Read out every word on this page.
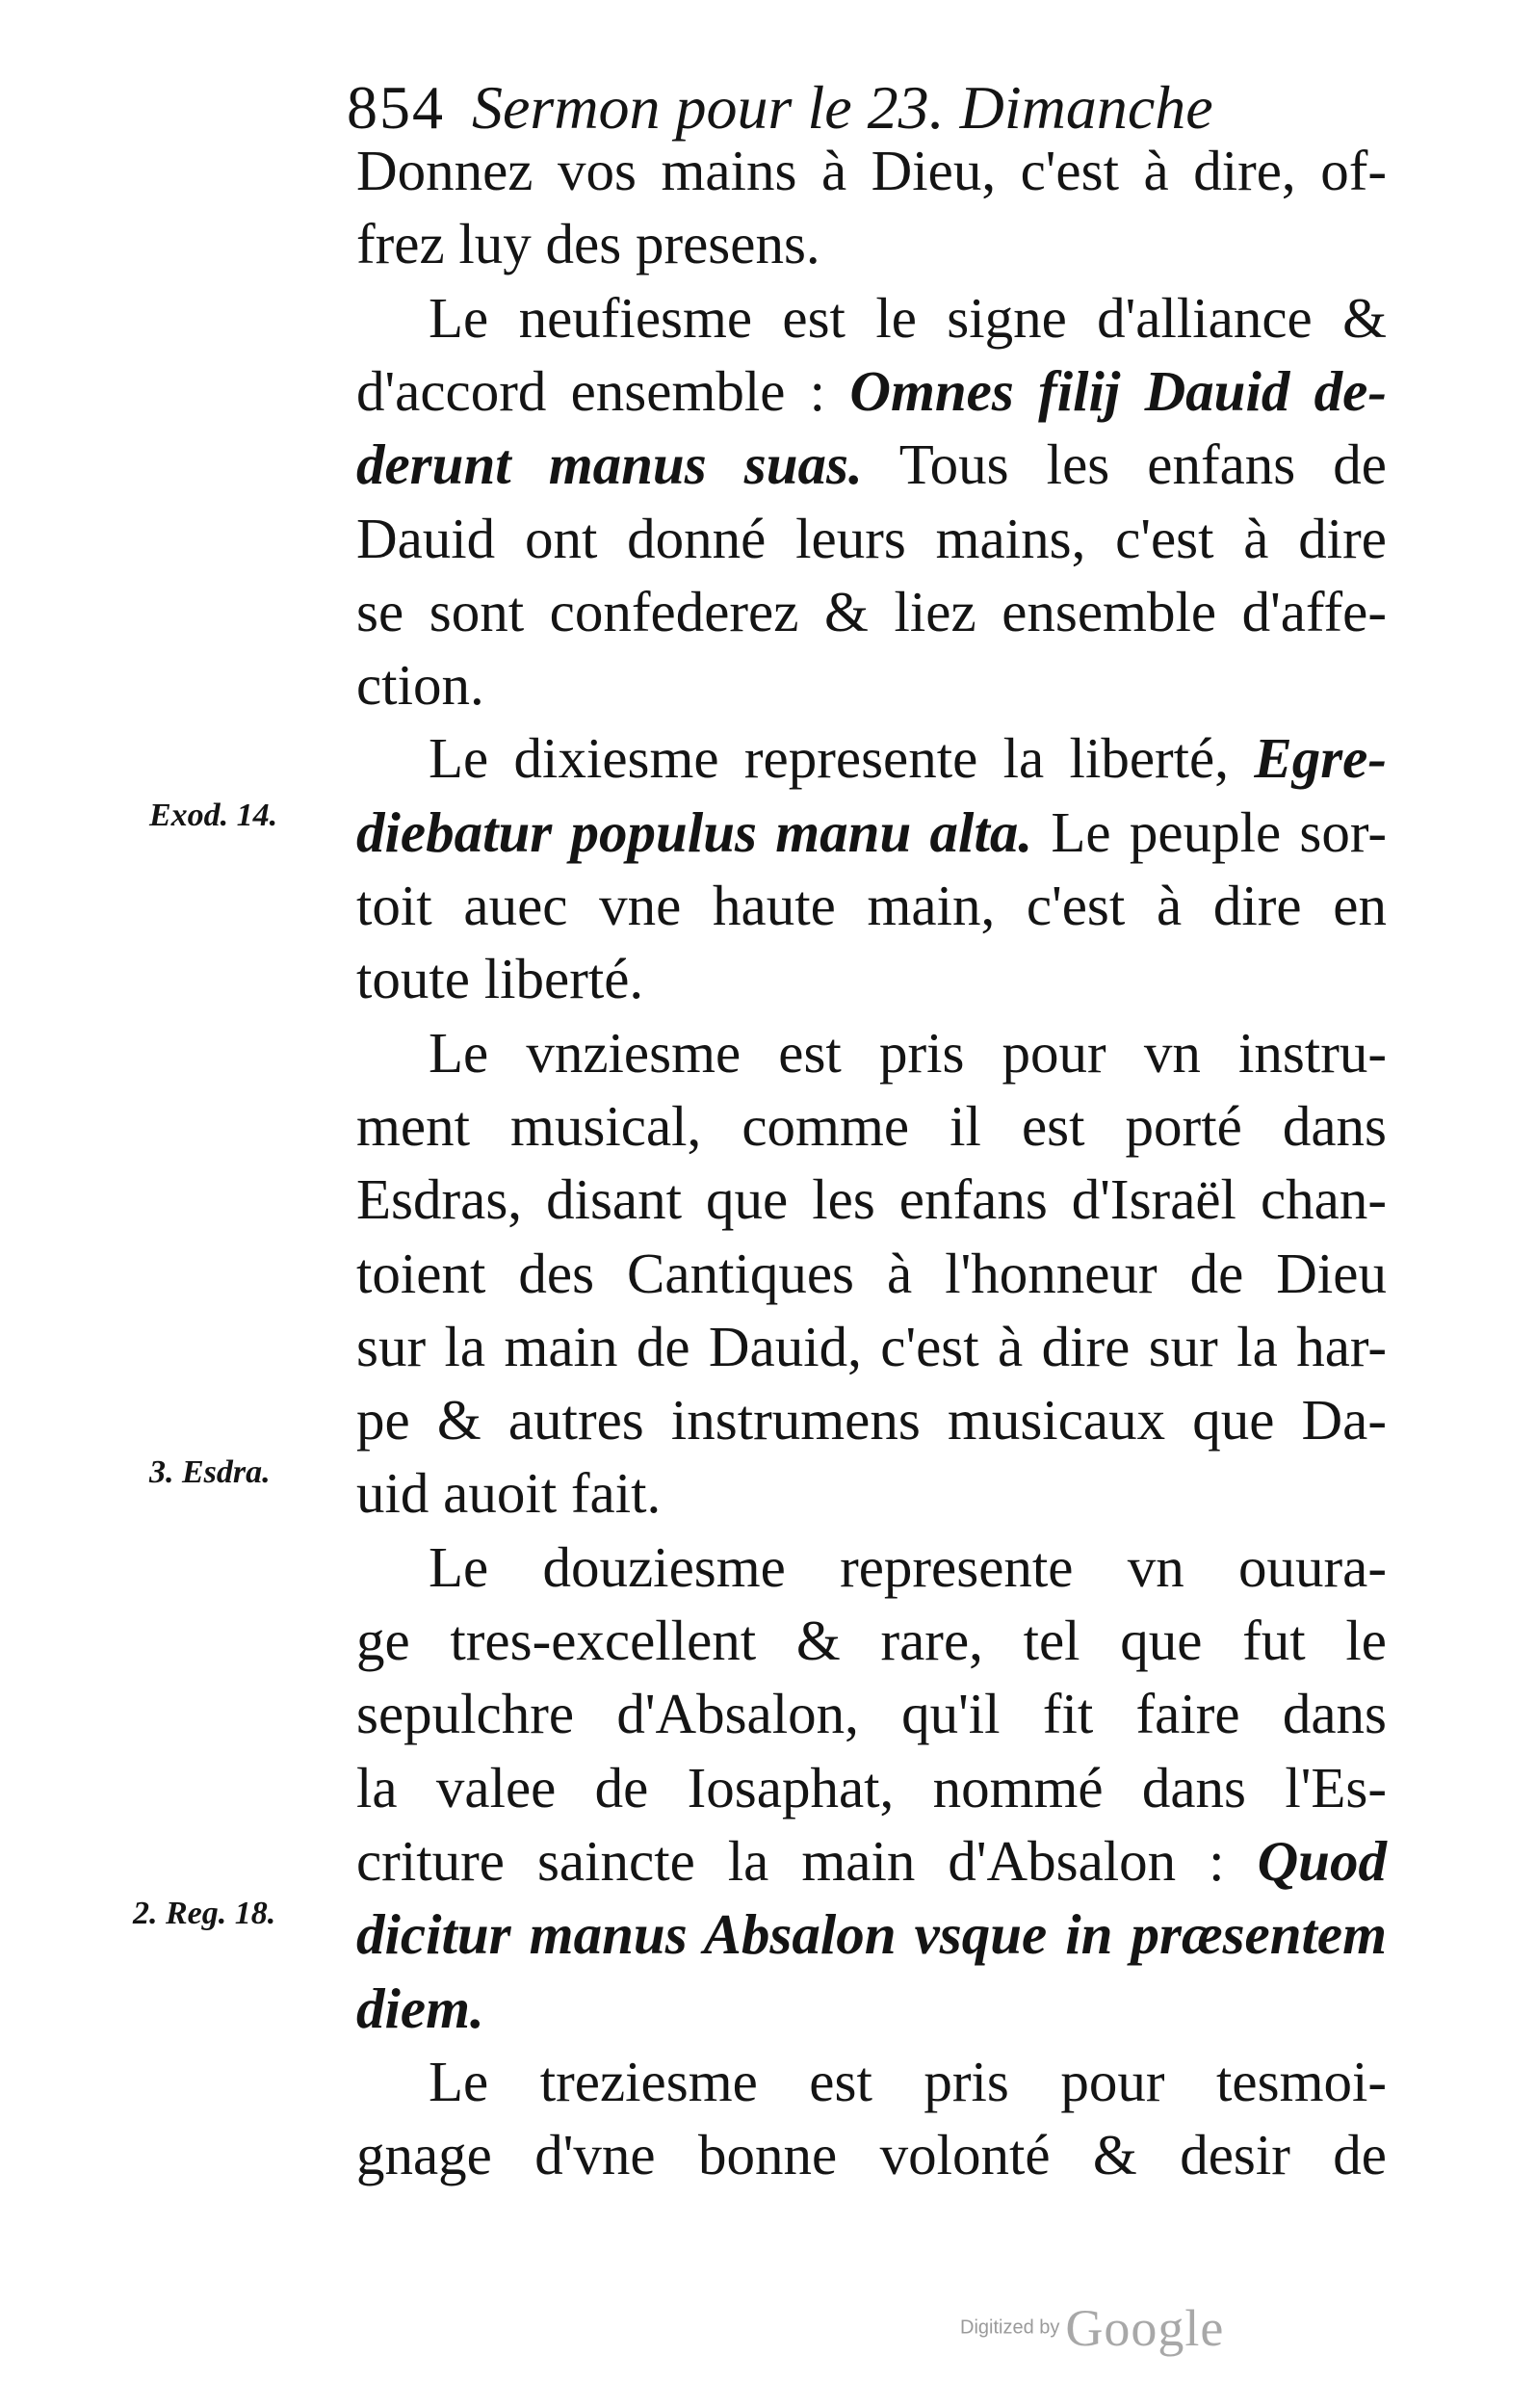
854 Sermon pour le 23. Dimanche
Donnez vos mains à Dieu, c'est à dire, of-
frez luy des presens.
Le neufiesme est le signe d'alliance &
d'accord ensemble : Omnes filij Dauid de-
derunt manus suas. Tous les enfans de
Dauid ont donné leurs mains, c'est à dire
se sont confederez & liez ensemble d'affe-
ction.
Le dixiesme represente la liberté, Egre-
diebatur populus manu alta. Le peuple sor-
toit auec vne haute main, c'est à dire en
toute liberté.
Le vnziesme est pris pour vn instru-
ment musical, comme il est porté dans
Esdras, disant que les enfans d'Israël chan-
toient des Cantiques à l'honneur de Dieu
sur la main de Dauid, c'est à dire sur la har-
pe & autres instrumens musicaux que Da-
uid auoit fait.
Le douziesme represente vn ouura-
ge tres-excellent & rare, tel que fut le
sepulchre d'Absalon, qu'il fit faire dans
la valee de Iosaphat, nommé dans l'Es-
criture saincte la main d'Absalon : Quod
dicitur manus Absalon vsque in præsentem
diem.
Le treziesme est pris pour tesmoi-
gnage d'vne bonne volonté & desir de
Exod. 14.
3. Esdra.
2. Reg. 18.
Digitized by Google
